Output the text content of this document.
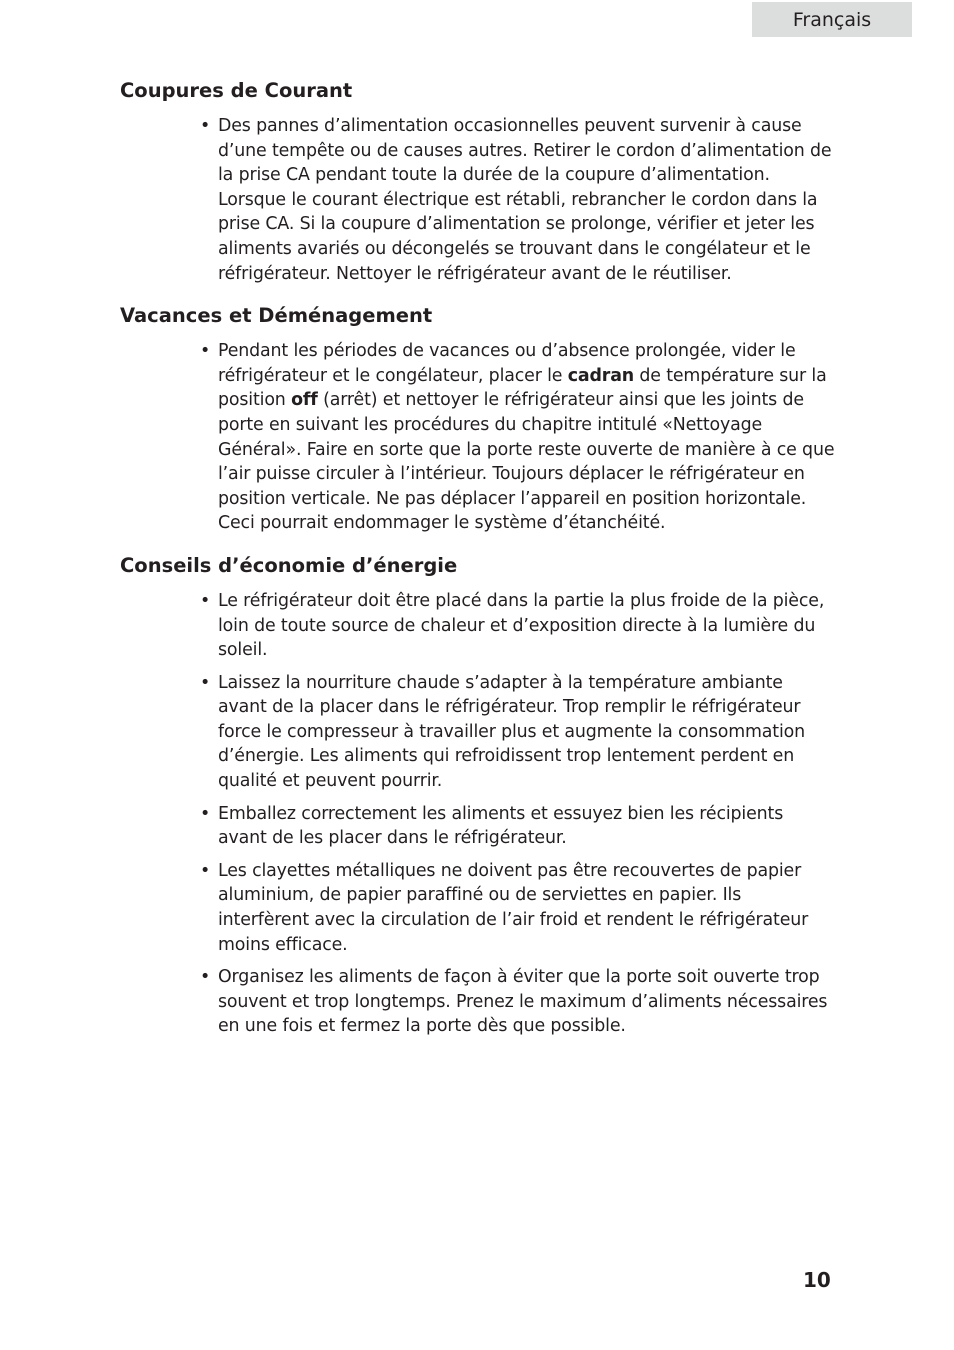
Français
Coupures de Courant
• Des pannes d’alimentation occasionnelles peuvent survenir à cause d’une tempête ou de causes autres. Retirer le cordon d’alimentation de la prise CA pendant toute la durée de la coupure d’alimentation. Lorsque le courant électrique est rétabli, rebrancher le cordon dans la prise CA. Si la coupure d’alimentation se prolonge, vérifier et jeter les aliments avariés ou décongelés se trouvant dans le congélateur et le réfrigérateur. Nettoyer le réfrigérateur avant de le réutiliser.
Vacances et Déménagement
• Pendant les périodes de vacances ou d’absence prolongée, vider le réfrigérateur et le congélateur, placer le cadran de température sur la position off (arrêt) et nettoyer le réfrigérateur ainsi que les joints de porte en suivant les procédures du chapitre intitulé «Nettoyage Général». Faire en sorte que la porte reste ouverte de manière à ce que l’air puisse circuler à l’intérieur. Toujours déplacer le réfrigérateur en position verticale. Ne pas déplacer l’appareil en position horizontale. Ceci pourrait endommager le système d’étanchéité.
Conseils d’économie d’énergie
• Le réfrigérateur doit être placé dans la partie la plus froide de la pièce, loin de toute source de chaleur et d’exposition directe à la lumière du soleil.
• Laissez la nourriture chaude s’adapter à la température ambiante avant de la placer dans le réfrigérateur. Trop remplir le réfrigérateur force le compresseur à travailler plus et augmente la consommation d’énergie. Les aliments qui refroidissent trop lentement perdent en qualité et peuvent pourrir.
• Emballez correctement les aliments et essuyez bien les récipients avant de les placer dans le réfrigérateur.
• Les clayettes métalliques ne doivent pas être recouvertes de papier aluminium, de papier paraffiné ou de serviettes en papier. Ils interfèrent avec la circulation de l’air froid et rendent le réfrigérateur moins efficace.
• Organisez les aliments de façon à éviter que la porte soit ouverte trop souvent et trop longtemps. Prenez le maximum d’aliments nécessaires en une fois et fermez la porte dès que possible.
10
